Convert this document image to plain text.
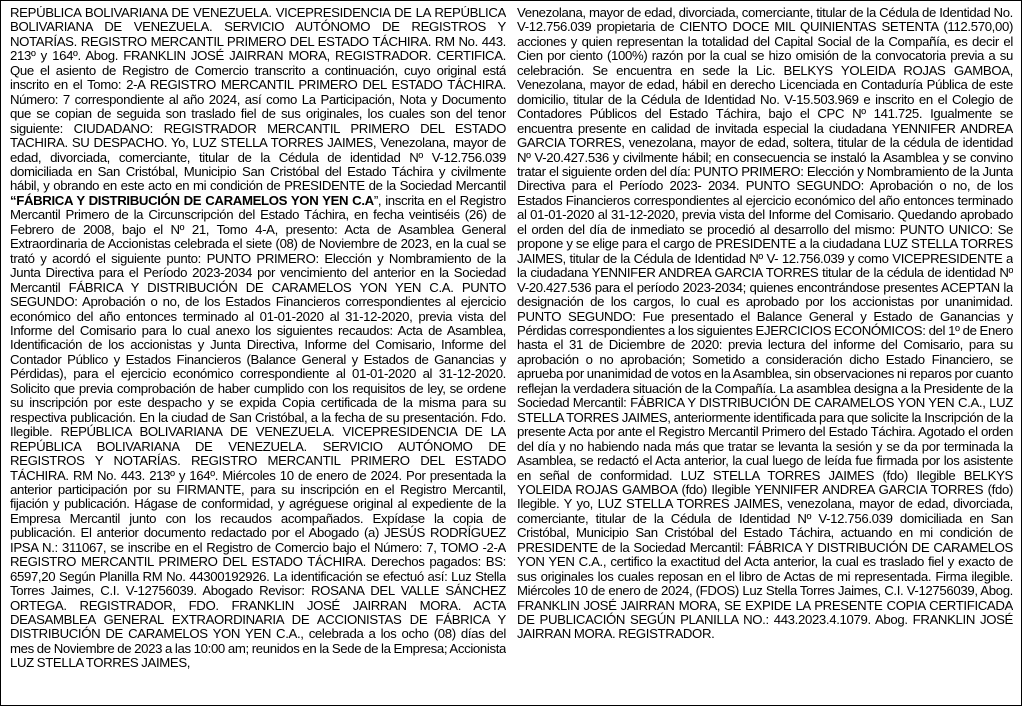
REPÚBLICA BOLIVARIANA DE VENEZUELA. VICEPRESIDENCIA DE LA REPÚBLICA BOLIVARIANA DE VENEZUELA. SERVICIO AUTÓNOMO DE REGISTROS Y NOTARÍAS. REGISTRO MERCANTIL PRIMERO DEL ESTADO TÁCHIRA. RM No. 443. 213º y 164º. Abog. FRANKLIN JOSÉ JAIRRAN MORA, REGISTRADOR. CERTIFICA. Que el asiento de Registro de Comercio transcrito a continuación, cuyo original está inscrito en el Tomo: 2-A REGISTRO MERCANTIL PRIMERO DEL ESTADO TÁCHIRA. Número: 7 correspondiente al año 2024, así como La Participación, Nota y Documento que se copian de seguida son traslado fiel de sus originales, los cuales son del tenor siguiente: CIUDADANO: REGISTRADOR MERCANTIL PRIMERO DEL ESTADO TACHIRA. SU DESPACHO. Yo, LUZ STELLA TORRES JAIMES, Venezolana, mayor de edad, divorciada, comerciante, titular de la Cédula de identidad Nº V-12.756.039 domiciliada en San Cristóbal, Municipio San Cristóbal del Estado Táchira y civilmente hábil, y obrando en este acto en mi condición de PRESIDENTE de la Sociedad Mercantil “FÁBRICA Y DISTRIBUCIÓN DE CARAMELOS YON YEN C.A”, inscrita en el Registro Mercantil Primero de la Circunscripción del Estado Táchira, en fecha veintiséis (26) de Febrero de 2008, bajo el Nº 21, Tomo 4-A, presento: Acta de Asamblea General Extraordinaria de Accionistas celebrada el siete (08) de Noviembre de 2023, en la cual se trató y acordó el siguiente punto: PUNTO PRIMERO: Elección y Nombramiento de la Junta Directiva para el Período 2023-2034 por vencimiento del anterior en la Sociedad Mercantil FÁBRICA Y DISTRIBUCIÓN DE CARAMELOS YON YEN C.A. PUNTO SEGUNDO: Aprobación o no, de los Estados Financieros correspondientes al ejercicio económico del año entonces terminado al 01-01-2020 al 31-12-2020, previa vista del Informe del Comisario para lo cual anexo los siguientes recaudos: Acta de Asamblea, Identificación de los accionistas y Junta Directiva, Informe del Comisario, Informe del Contador Público y Estados Financieros (Balance General y Estados de Ganancias y Pérdidas), para el ejercicio económico correspondiente al 01-01-2020 al 31-12-2020. Solicito que previa comprobación de haber cumplido con los requisitos de ley, se ordene su inscripción por este despacho y se expida Copia certificada de la misma para su respectiva publicación. En la ciudad de San Cristóbal, a la fecha de su presentación. Fdo. Ilegible. REPÚBLICA BOLIVARIANA DE VENEZUELA. VICEPRESIDENCIA DE LA REPÚBLICA BOLIVARIANA DE VENEZUELA. SERVICIO AUTÓNOMO DE REGISTROS Y NOTARÍAS. REGISTRO MERCANTIL PRIMERO DEL ESTADO TÁCHIRA. RM No. 443. 213º y 164º. Miércoles 10 de enero de 2024. Por presentada la anterior participación por su FIRMANTE, para su inscripción en el Registro Mercantil, fijación y publicación. Hágase de conformidad, y agréguese original al expediente de la Empresa Mercantil junto con los recaudos acompañados. Expídase la copia de publicación. El anterior documento redactado por el Abogado (a) JESÚS RODRÍGUEZ IPSA N.: 311067, se inscribe en el Registro de Comercio bajo el Número: 7, TOMO -2-A REGISTRO MERCANTIL PRIMERO DEL ESTADO TÁCHIRA. Derechos pagados: BS: 6597,20 Según Planilla RM No. 44300192926. La identificación se efectuó así: Luz Stella Torres Jaimes, C.I. V-12756039. Abogado Revisor: ROSANA DEL VALLE SÁNCHEZ ORTEGA. REGISTRADOR, FDO. FRANKLIN JOSÉ JAIRRAN MORA. ACTA DEASAMBLEA GENERAL EXTRAORDINARIA DE ACCIONISTAS DE FÁBRICA Y DISTRIBUCIÓN DE CARAMELOS YON YEN C.A., celebrada a los ocho (08) días del mes de Noviembre de 2023 a las 10:00 am; reunidos en la Sede de la Empresa; Accionista LUZ STELLA TORRES JAIMES,

Venezolana, mayor de edad, divorciada, comerciante, titular de la Cédula de Identidad No. V-12.756.039 propietaria de CIENTO DOCE MIL QUINIENTAS SETENTA (112.570,00) acciones y quien representan la totalidad del Capital Social de la Compañía, es decir el Cien por ciento (100%) razón por la cual se hizo omisión de la convocatoria previa a su celebración. Se encuentra en sede la Lic. BELKYS YOLEIDA ROJAS GAMBOA, Venezolana, mayor de edad, hábil en derecho Licenciada en Contaduría Pública de este domicilio, titular de la Cédula de Identidad No. V-15.503.969 e inscrito en el Colegio de Contadores Públicos del Estado Táchira, bajo el CPC Nº 141.725. Igualmente se encuentra presente en calidad de invitada especial la ciudadana YENNIFER ANDREA GARCIA TORRES, venezolana, mayor de edad, soltera, titular de la cédula de identidad Nº V-20.427.536 y civilmente hábil; en consecuencia se instaló la Asamblea y se convino tratar el siguiente orden del día: PUNTO PRIMERO: Elección y Nombramiento de la Junta Directiva para el Período 2023- 2034. PUNTO SEGUNDO: Aprobación o no, de los Estados Financieros correspondientes al ejercicio económico del año entonces terminado al 01-01-2020 al 31-12-2020, previa vista del Informe del Comisario. Quedando aprobado el orden del día de inmediato se procedió al desarrollo del mismo: PUNTO UNICO: Se propone y se elige para el cargo de PRESIDENTE a la ciudadana LUZ STELLA TORRES JAIMES, titular de la Cédula de Identidad Nº V- 12.756.039 y como VICEPRESIDENTE a la ciudadana YENNIFER ANDREA GARCIA TORRES titular de la cédula de identidad Nº V-20.427.536 para el período 2023-2034; quienes encontrándose presentes ACEPTAN la designación de los cargos, lo cual es aprobado por los accionistas por unanimidad. PUNTO SEGUNDO: Fue presentado el Balance General y Estado de Ganancias y Pérdidas correspondientes a los siguientes EJERCICIOS ECONÓMICOS: del 1º de Enero hasta el 31 de Diciembre de 2020: previa lectura del informe del Comisario, para su aprobación o no aprobación; Sometido a consideración dicho Estado Financiero, se aprueba por unanimidad de votos en la Asamblea, sin observaciones ni reparos por cuanto reflejan la verdadera situación de la Compañía. La asamblea designa a la Presidente de la Sociedad Mercantil: FÁBRICA Y DISTRIBUCIÓN DE CARAMELOS YON YEN C.A., LUZ STELLA TORRES JAIMES, anteriormente identificada para que solicite la Inscripción de la presente Acta por ante el Registro Mercantil Primero del Estado Táchira. Agotado el orden del día y no habiendo nada más que tratar se levanta la sesión y se da por terminada la Asamblea, se redactó el Acta anterior, la cual luego de leída fue firmada por los asistente en señal de conformidad. LUZ STELLA TORRES JAIMES (fdo) Ilegible BELKYS YOLEIDA ROJAS GAMBOA (fdo) Ilegible YENNIFER ANDREA GARCIA TORRES (fdo) Ilegible. Y yo, LUZ STELLA TORRES JAIMES, venezolana, mayor de edad, divorciada, comerciante, titular de la Cédula de Identidad Nº V-12.756.039 domiciliada en San Cristóbal, Municipio San Cristóbal del Estado Táchira, actuando en mi condición de PRESIDENTE de la Sociedad Mercantil: FÁBRICA Y DISTRIBUCIÓN DE CARAMELOS YON YEN C.A., certifico la exactitud del Acta anterior, la cual es traslado fiel y exacto de sus originales los cuales reposan en el libro de Actas de mi representada. Firma ilegible. Miércoles 10 de enero de 2024, (FDOS) Luz Stella Torres Jaimes, C.I. V-12756039, Abog. FRANKLIN JOSÉ JAIRRAN MORA, SE EXPIDE LA PRESENTE COPIA CERTIFICADA DE PUBLICACIÓN SEGÚN PLANILLA NO.: 443.2023.4.1079. Abog. FRANKLIN JOSÉ JAIRRAN MORA. REGISTRADOR.
